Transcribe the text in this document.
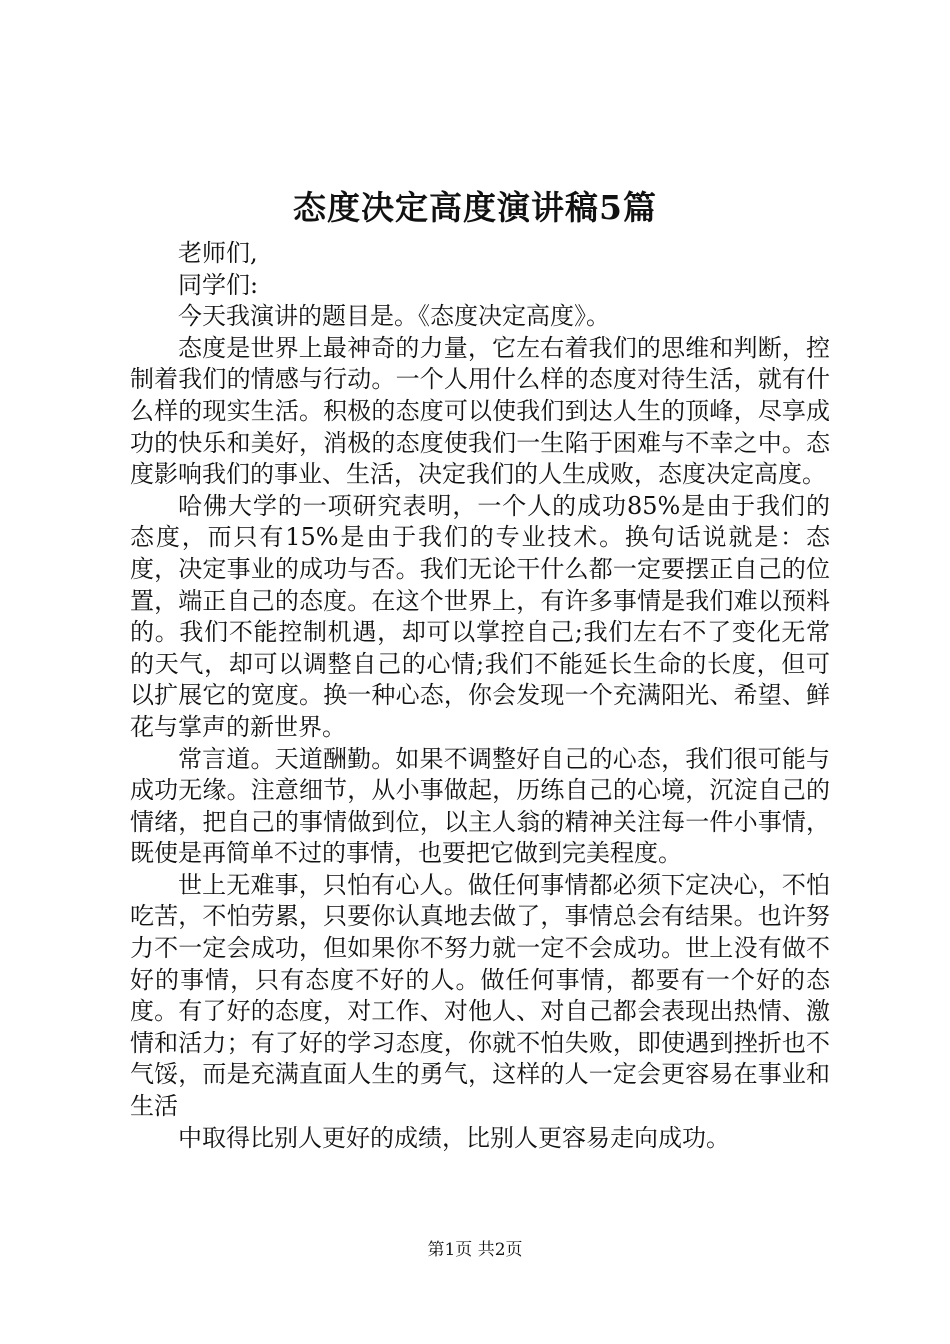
态度决定高度演讲稿5篇

老师们,

同学们:

今天我演讲的题目是。《态度决定高度》。

态度是世界上最神奇的力量，它左右着我们的思维和判断，控制着我们的情感与行动。一个人用什么样的态度对待生活，就有什么样的现实生活。积极的态度可以使我们到达人生的顶峰，尽享成功的快乐和美好，消极的态度使我们一生陷于困难与不幸之中。态度影响我们的事业、生活，决定我们的人生成败，态度决定高度。

哈佛大学的一项研究表明，一个人的成功85%是由于我们的态度，而只有15%是由于我们的专业技术。换句话说就是：态度，决定事业的成功与否。我们无论干什么都一定要摆正自己的位置，端正自己的态度。在这个世界上，有许多事情是我们难以预料的。我们不能控制机遇，却可以掌控自己;我们左右不了变化无常的天气，却可以调整自己的心情;我们不能延长生命的长度，但可以扩展它的宽度。换一种心态，你会发现一个充满阳光、希望、鲜花与掌声的新世界。

常言道。天道酬勤。如果不调整好自己的心态，我们很可能与成功无缘。注意细节，从小事做起，历练自己的心境，沉淀自己的情绪，把自己的事情做到位，以主人翁的精神关注每一件小事情，既使是再简单不过的事情，也要把它做到完美程度。

世上无难事，只怕有心人。做任何事情都必须下定决心，不怕吃苦，不怕劳累，只要你认真地去做了，事情总会有结果。也许努力不一定会成功，但如果你不努力就一定不会成功。世上没有做不好的事情，只有态度不好的人。做任何事情，都要有一个好的态度。有了好的态度，对工作、对他人、对自己都会表现出热情、激情和活力；有了好的学习态度，你就不怕失败，即使遇到挫折也不气馁，而是充满直面人生的勇气，这样的人一定会更容易在事业和生活

中取得比别人更好的成绩，比别人更容易走向成功。

第1页 共2页
